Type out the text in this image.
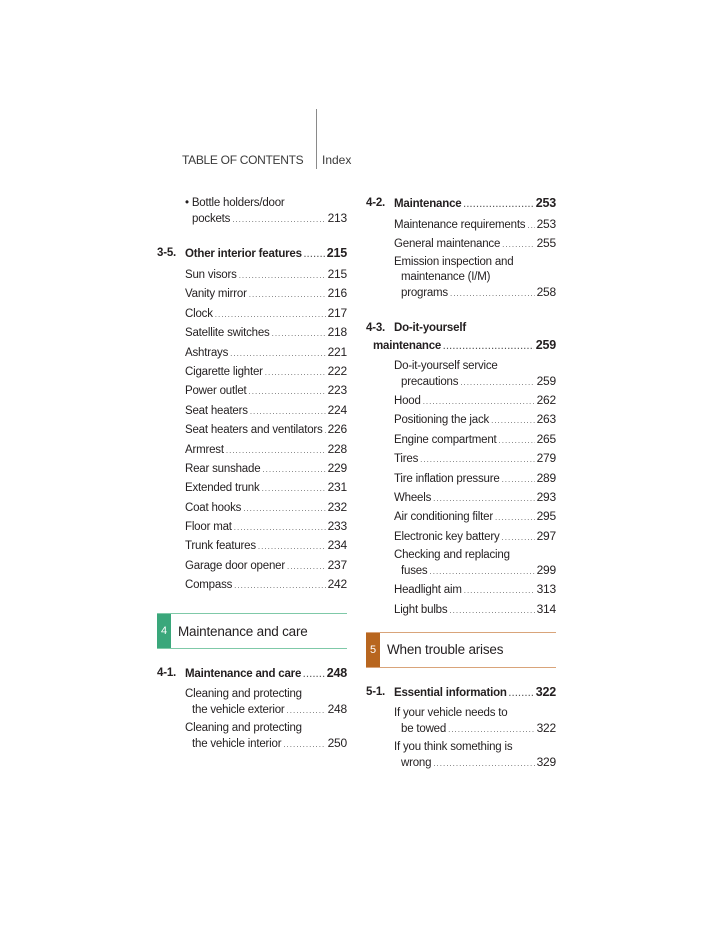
TABLE OF CONTENTS Index
• Bottle holders/door
pockets .....	213
3-5. Other interior features ..... 215
Sun visors .....	215
Vanity mirror .....	216
Clock .....	217
Satellite switches .....	218
Ashtrays .....	221
Cigarette lighter .....	222
Power outlet .....	223
Seat heaters .....	224
Seat heaters and ventilators ..... 226
Armrest .....	228
Rear sunshade .....	229
Extended trunk .....	231
Coat hooks .....	232
Floor mat .....	233
Trunk features .....	234
Garage door opener .....	237
Compass .....	242
4 Maintenance and care
4-1. Maintenance and care ..... 248
Cleaning and protecting
the vehicle exterior .....	248
Cleaning and protecting
the vehicle interior .....	250
4-2. Maintenance .....	253
Maintenance requirements ..... 253
General maintenance .....	255
Emission inspection and
maintenance (I/M)
programs .....	258
4-3. Do-it-yourself
maintenance .....	259
Do-it-yourself service
precautions .....	259
Hood .....	262
Positioning the jack .....	263
Engine compartment .....	265
Tires .....	279
Tire inflation pressure .....	289
Wheels .....	293
Air conditioning filter .....	295
Electronic key battery .....	297
Checking and replacing
fuses .....	299
Headlight aim .....	313
Light bulbs .....	314
5 When trouble arises
5-1. Essential information ..... 322
If your vehicle needs to
be towed .....	322
If you think something is
wrong .....	329
